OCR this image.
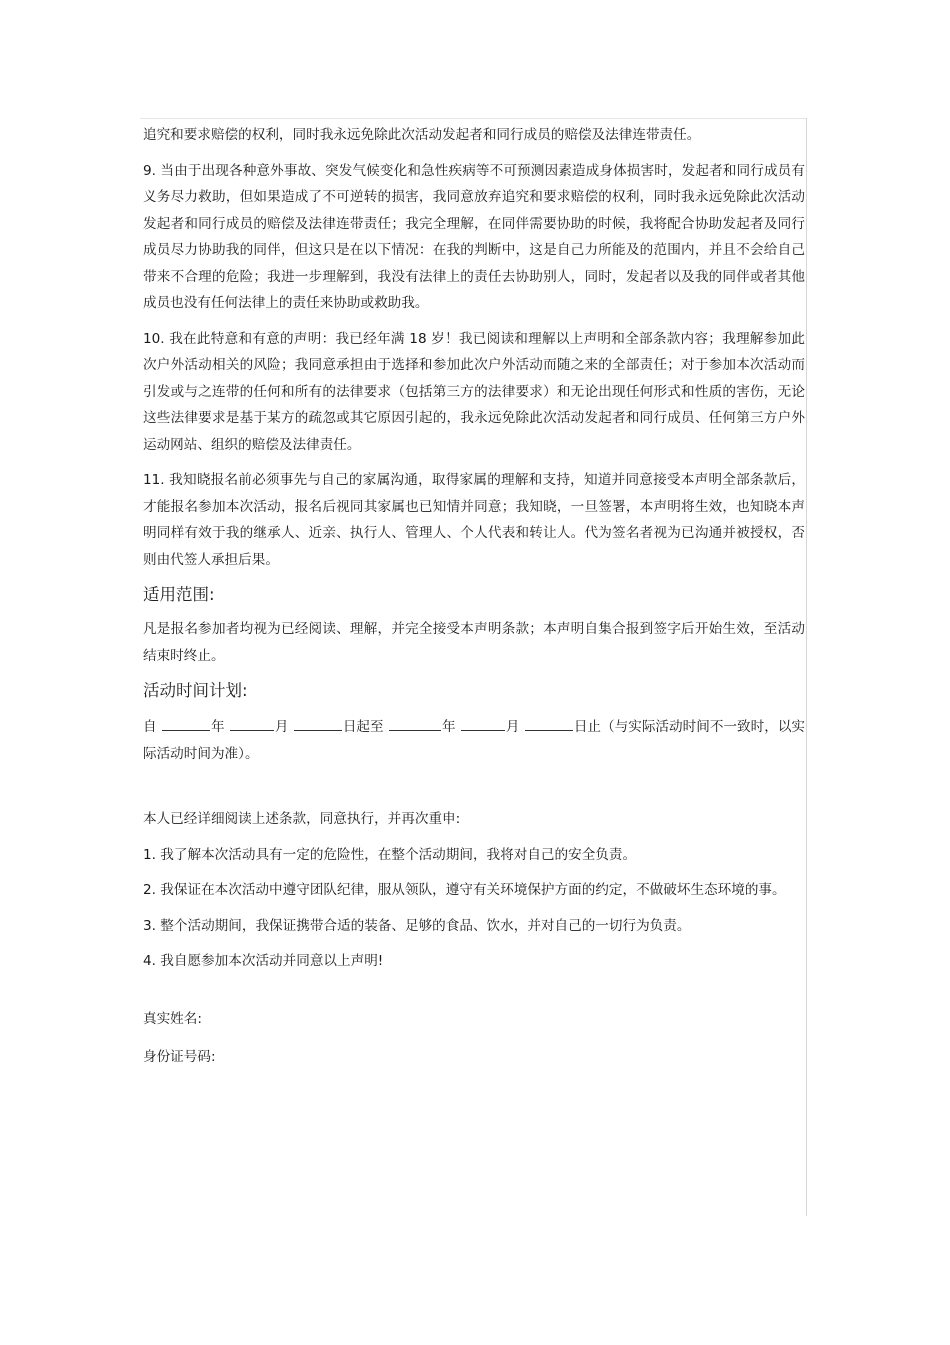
追究和要求赔偿的权利，同时我永远免除此次活动发起者和同行成员的赔偿及法律连带责任。

9. 当由于出现各种意外事故、突发气候变化和急性疾病等不可预测因素造成身体损害时，发起者和同行成员有义务尽力救助，但如果造成了不可逆转的损害，我同意放弃追究和要求赔偿的权利，同时我永远免除此次活动发起者和同行成员的赔偿及法律连带责任；我完全理解，在同伴需要协助的时候，我将配合协助发起者及同行成员尽力协助我的同伴，但这只是在以下情况：在我的判断中，这是自己力所能及的范围内，并且不会给自己带来不合理的危险；我进一步理解到，我没有法律上的责任去协助别人，同时，发起者以及我的同伴或者其他成员也没有任何法律上的责任来协助或救助我。

10. 我在此特意和有意的声明：我已经年满 18 岁！我已阅读和理解以上声明和全部条款内容；我理解参加此次户外活动相关的风险；我同意承担由于选择和参加此次户外活动而随之来的全部责任；对于参加本次活动而引发或与之连带的任何和所有的法律要求（包括第三方的法律要求）和无论出现任何形式和性质的害伤，无论这些法律要求是基于某方的疏忽或其它原因引起的，我永远免除此次活动发起者和同行成员、任何第三方户外运动网站、组织的赔偿及法律责任。

11. 我知晓报名前必须事先与自己的家属沟通，取得家属的理解和支持，知道并同意接受本声明全部条款后，才能报名参加本次活动，报名后视同其家属也已知情并同意；我知晓，一旦签署，本声明将生效，也知晓本声明同样有效于我的继承人、近亲、执行人、管理人、个人代表和转让人。代为签名者视为已沟通并被授权，否则由代签人承担后果。

适用范围:

凡是报名参加者均视为已经阅读、理解，并完全接受本声明条款；本声明自集合报到签字后开始生效，至活动结束时终止。

活动时间计划:

自	年	月	日起至	年	月	日止（与实际活动时间不一致时，以实际活动时间为准）。

本人已经详细阅读上述条款，同意执行，并再次重申:

1. 我了解本次活动具有一定的危险性，在整个活动期间，我将对自己的安全负责。

2. 我保证在本次活动中遵守团队纪律，服从领队，遵守有关环境保护方面的约定，不做破坏生态环境的事。

3. 整个活动期间，我保证携带合适的装备、足够的食品、饮水，并对自己的一切行为负责。

4. 我自愿参加本次活动并同意以上声明!

真实姓名:

身份证号码:
